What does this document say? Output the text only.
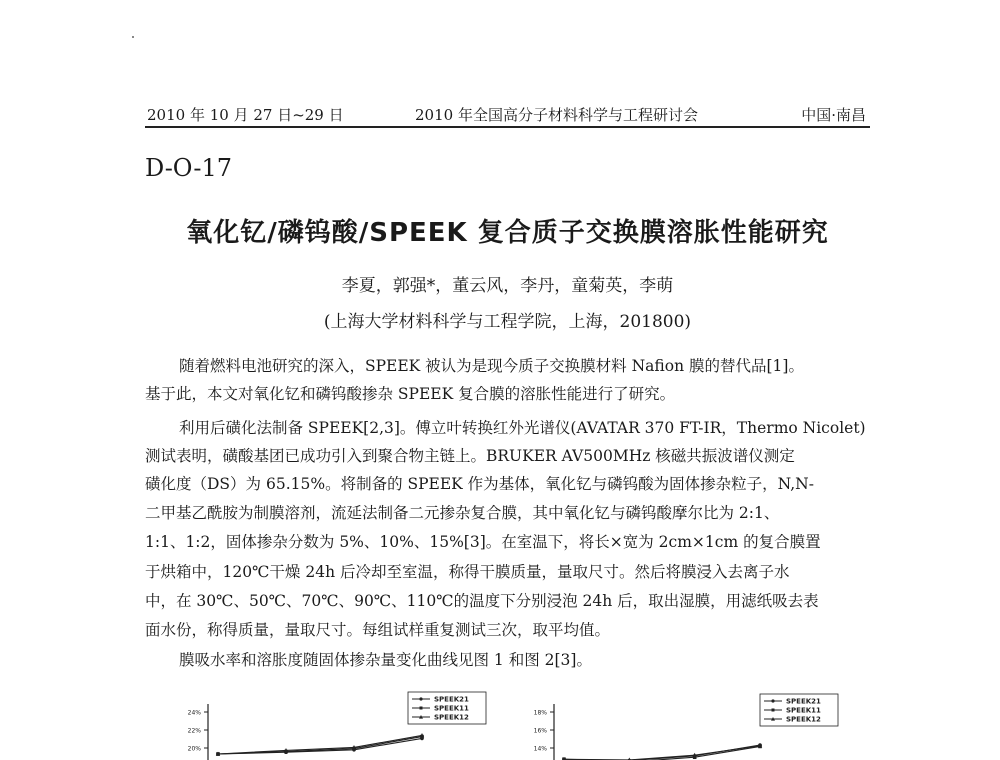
2010 年 10 月 27 日~29 日	2010 年全国高分子材料科学与工程研讨会	中国·南昌
D-O-17
氧化钇/磷钨酸/SPEEK 复合质子交换膜溶胀性能研究
李夏，郭强*，董云风，李丹，童菊英，李萌
(上海大学材料科学与工程学院，上海，201800)
随着燃料电池研究的深入，SPEEK 被认为是现今质子交换膜材料 Nafion 膜的替代品[1]。
基于此，本文对氧化钇和磷钨酸掺杂 SPEEK 复合膜的溶胀性能进行了研究。
利用后磺化法制备 SPEEK[2,3]。傅立叶转换红外光谱仪(AVATAR 370 FT-IR，Thermo Nicolet)
测试表明，磺酸基团已成功引入到聚合物主链上。BRUKER AV500MHz 核磁共振波谱仪测定
磺化度（DS）为 65.15%。将制备的 SPEEK 作为基体，氧化钇与磷钨酸为固体掺杂粒子，N,N-
二甲基乙酰胺为制膜溶剂，流延法制备二元掺杂复合膜，其中氧化钇与磷钨酸摩尔比为 2:1、
1:1、1:2，固体掺杂分数为 5%、10%、15%[3]。在室温下，将长×宽为 2cm×1cm 的复合膜置
于烘箱中，120℃干燥 24h 后冷却至室温，称得干膜质量，量取尺寸。然后将膜浸入去离子水
中，在 30℃、50℃、70℃、90℃、110℃的温度下分别浸泡 24h 后，取出湿膜，用滤纸吸去表
面水份，称得质量，量取尺寸。每组试样重复测试三次，取平均值。
膜吸水率和溶胀度随固体掺杂量变化曲线见图 1 和图 2[3]。
24%
22%
20%
SPEEK21
SPEEK11
SPEEK12
18%
16%
14%
SPEEK21
SPEEK11
SPEEK12
